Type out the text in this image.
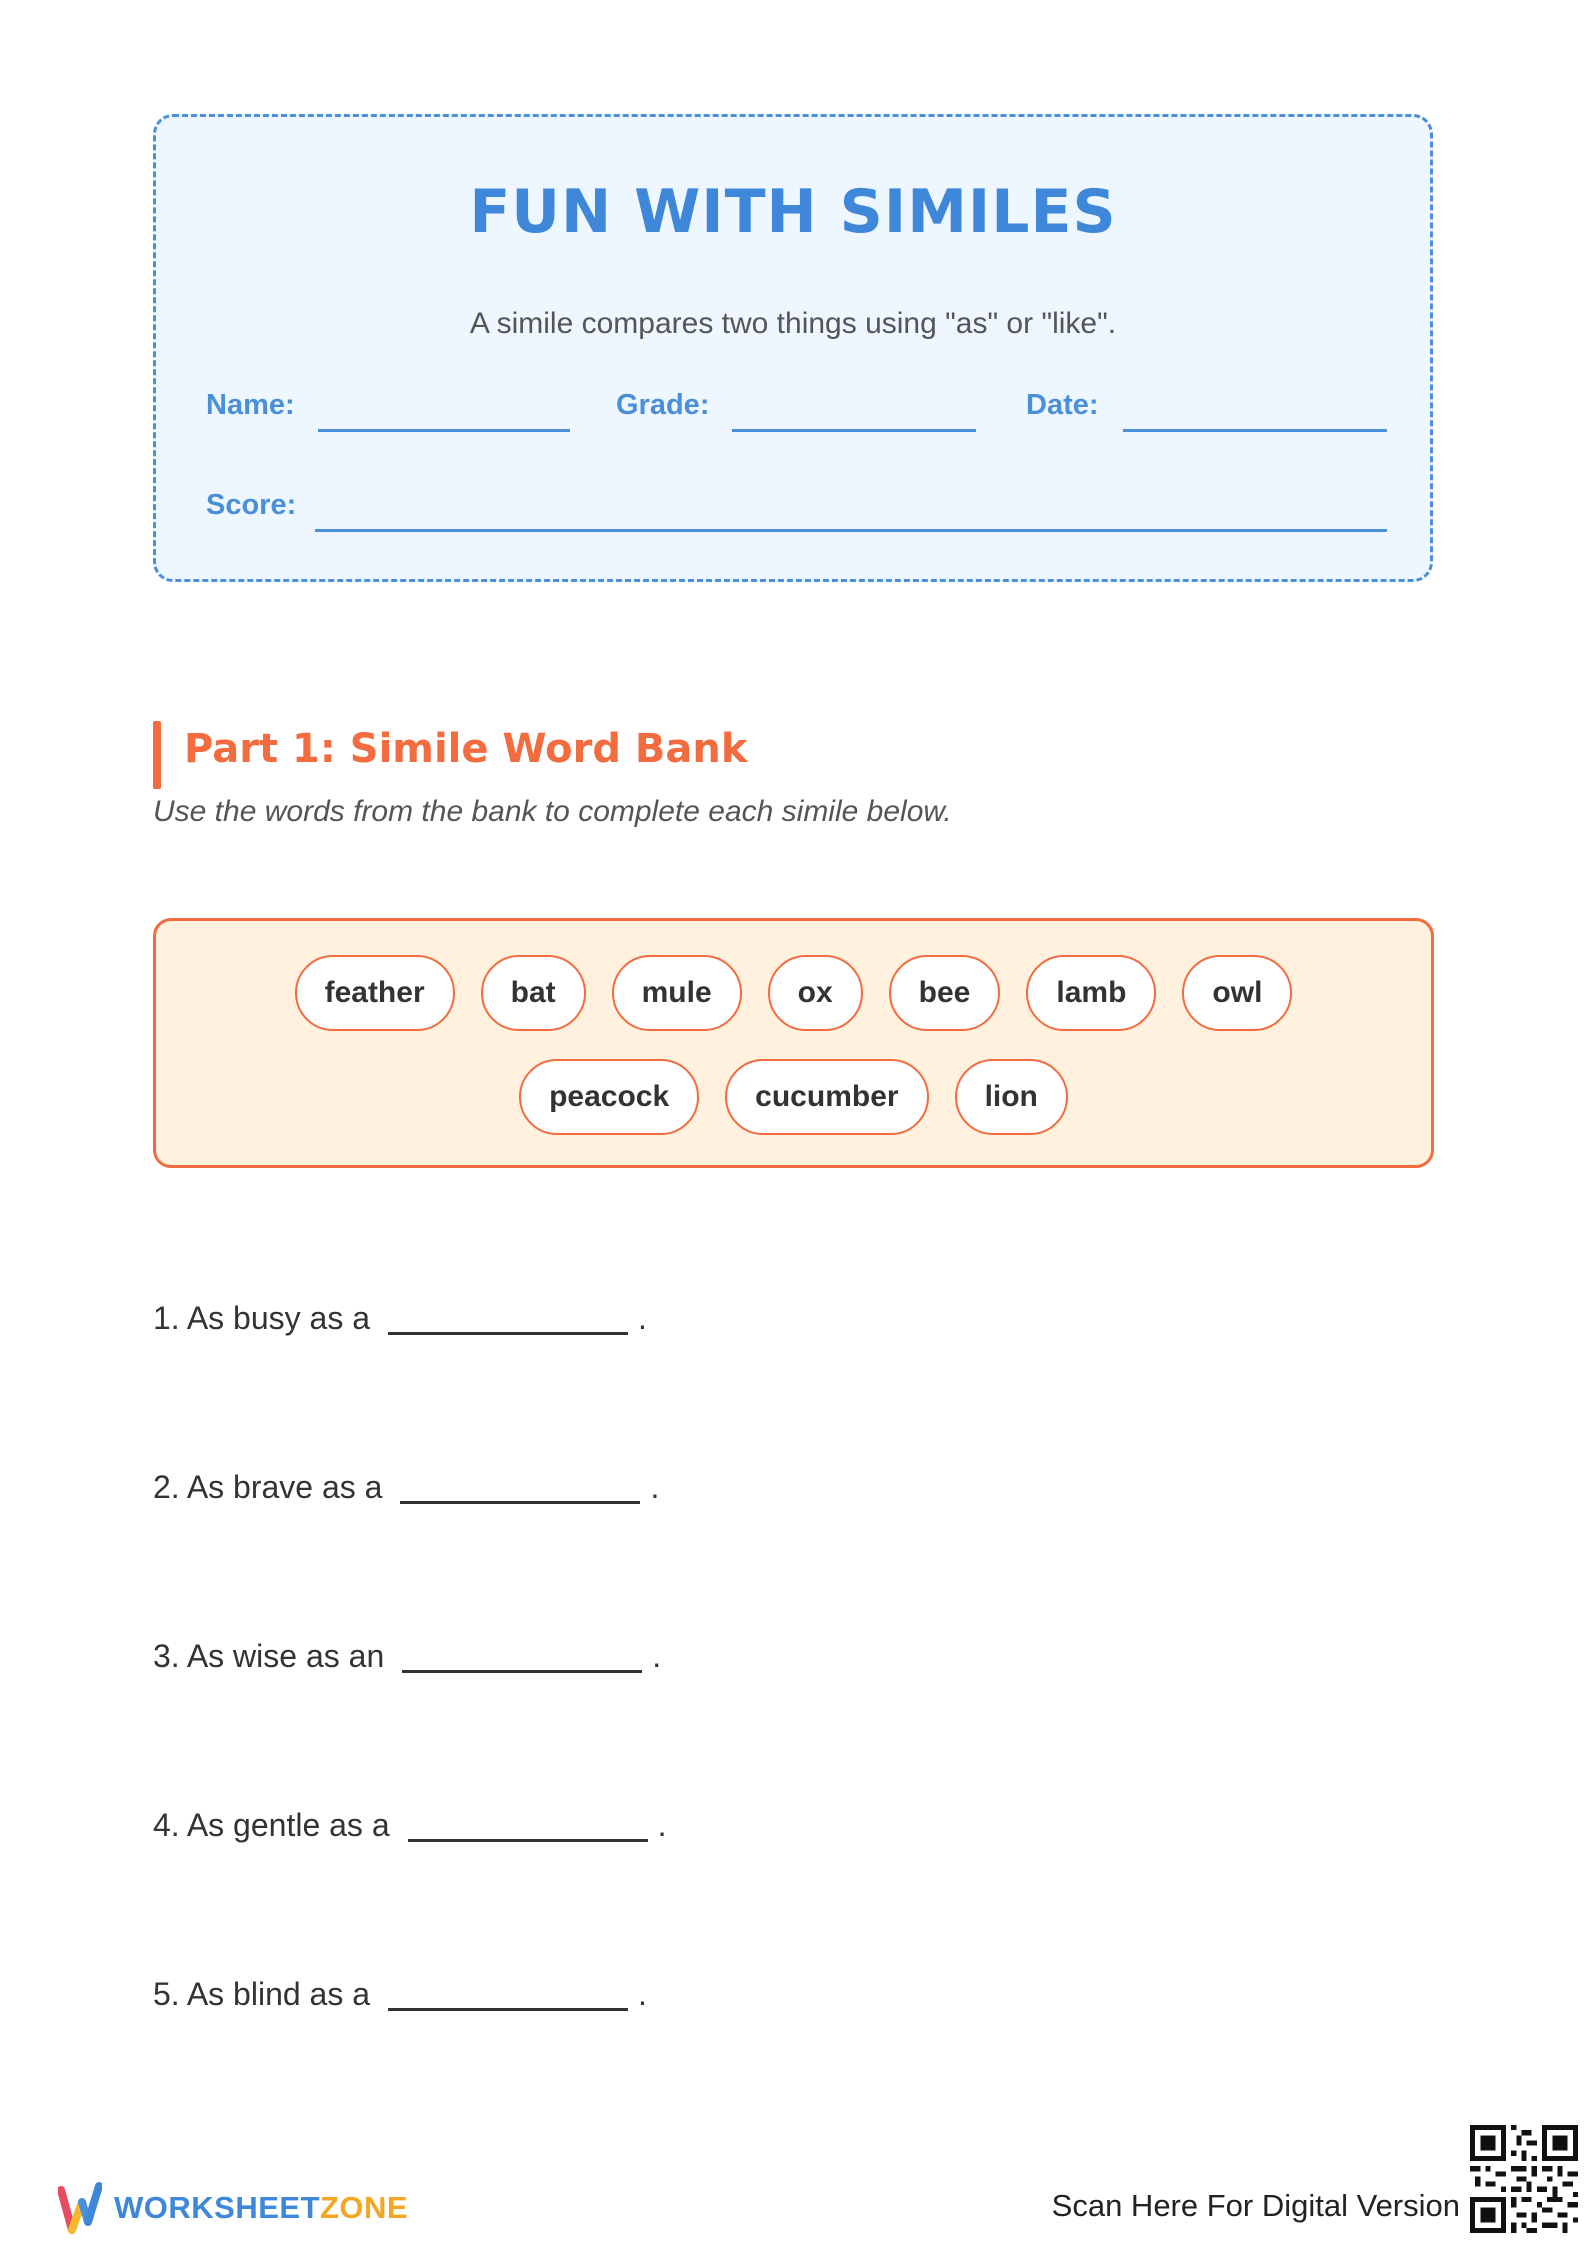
FUN WITH SIMILES
A simile compares two things using "as" or "like".
Name:	Grade:	Date:
Score:
Part 1: Simile Word Bank
Use the words from the bank to complete each simile below.
feather	bat	mule	ox	bee	lamb	owl
peacock	cucumber	lion
1. As busy as a	.
2. As brave as a	.
3. As wise as an	.
4. As gentle as a	.
5. As blind as a	.
WORKSHEETZONE	Scan Here For Digital Version
